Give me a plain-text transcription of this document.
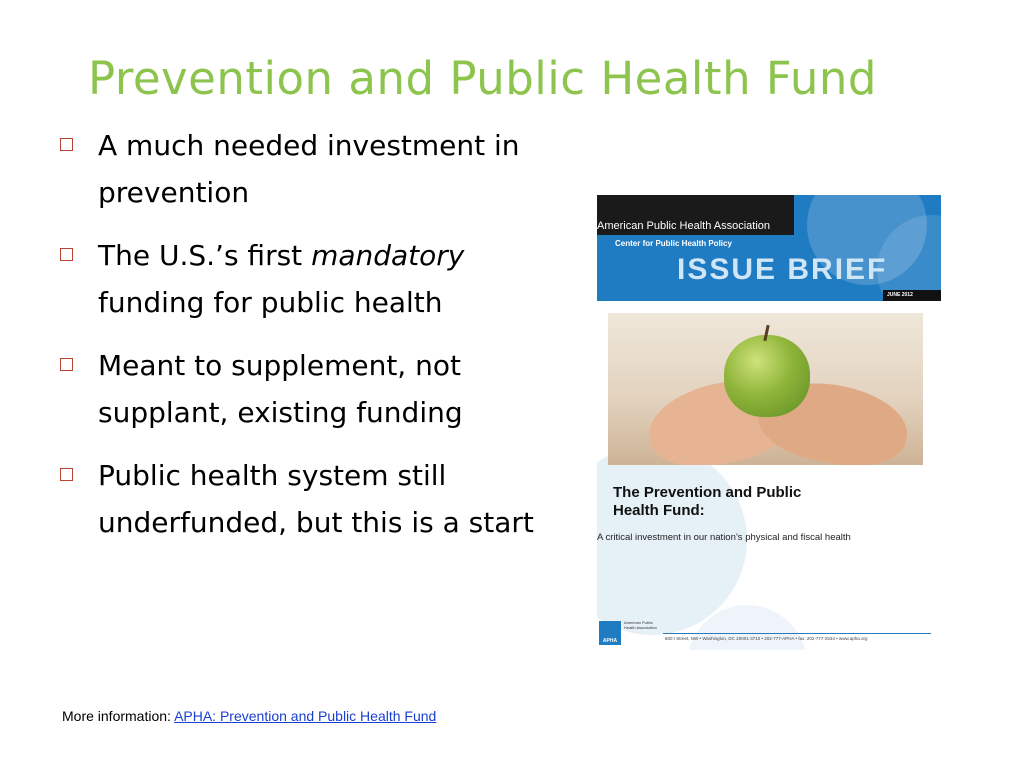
Prevention and Public Health Fund
A much needed investment in prevention
The U.S.’s first mandatory funding for public health
Meant to supplement, not supplant, existing funding
Public health system still underfunded, but this is a start
American Public Health Association
Center for Public Health Policy
ISSUE BRIEF
JUNE 2012
The Prevention and Public Health Fund:
A critical investment in our nation’s physical and fiscal health
APHA
American Public Health Association
800 I Street, NW • Washington, DC 20001-3710 • 202-777-APHA • fax: 202-777-2534 • www.apha.org
More information: APHA: Prevention and Public Health Fund
